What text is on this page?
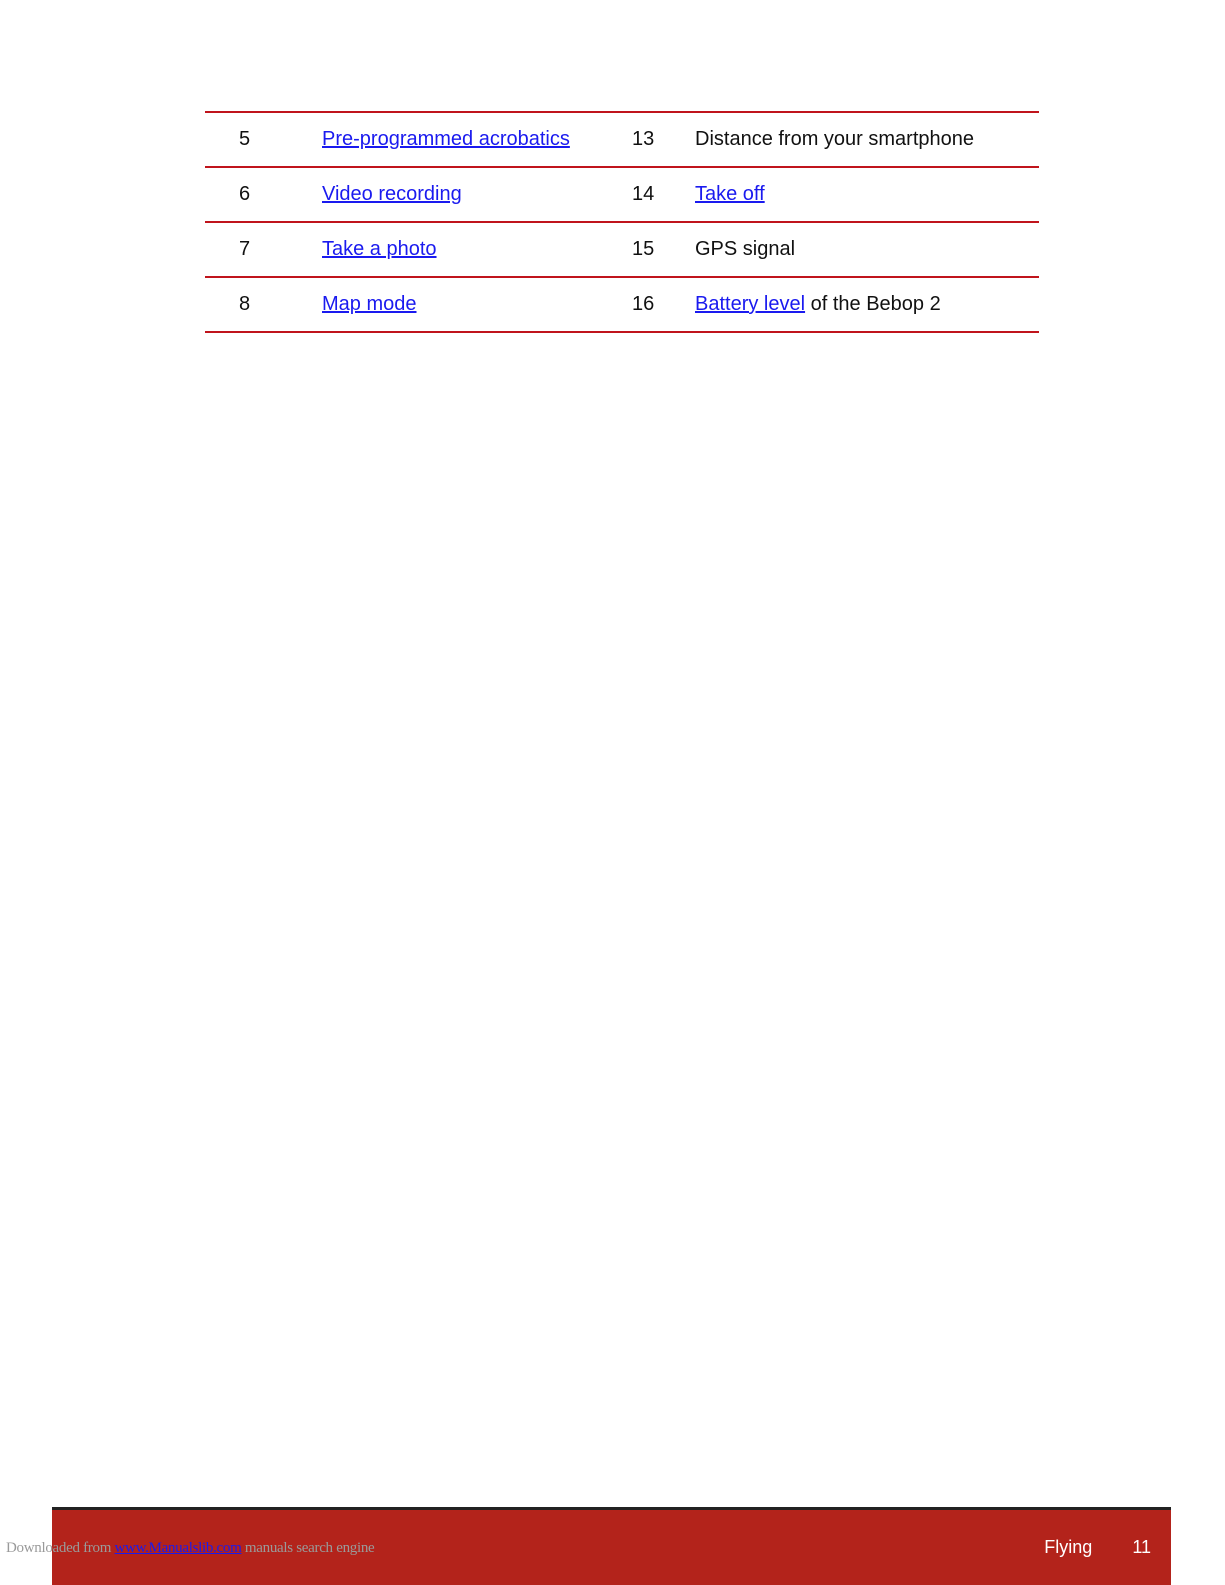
5	Pre-programmed acrobatics	13	Distance from your smartphone
6	Video recording	14	Take off
7	Take a photo	15	GPS signal
8	Map mode	16	Battery level of the Bebop 2
Flying 11
Downloaded from www.Manualslib.com manuals search engine
